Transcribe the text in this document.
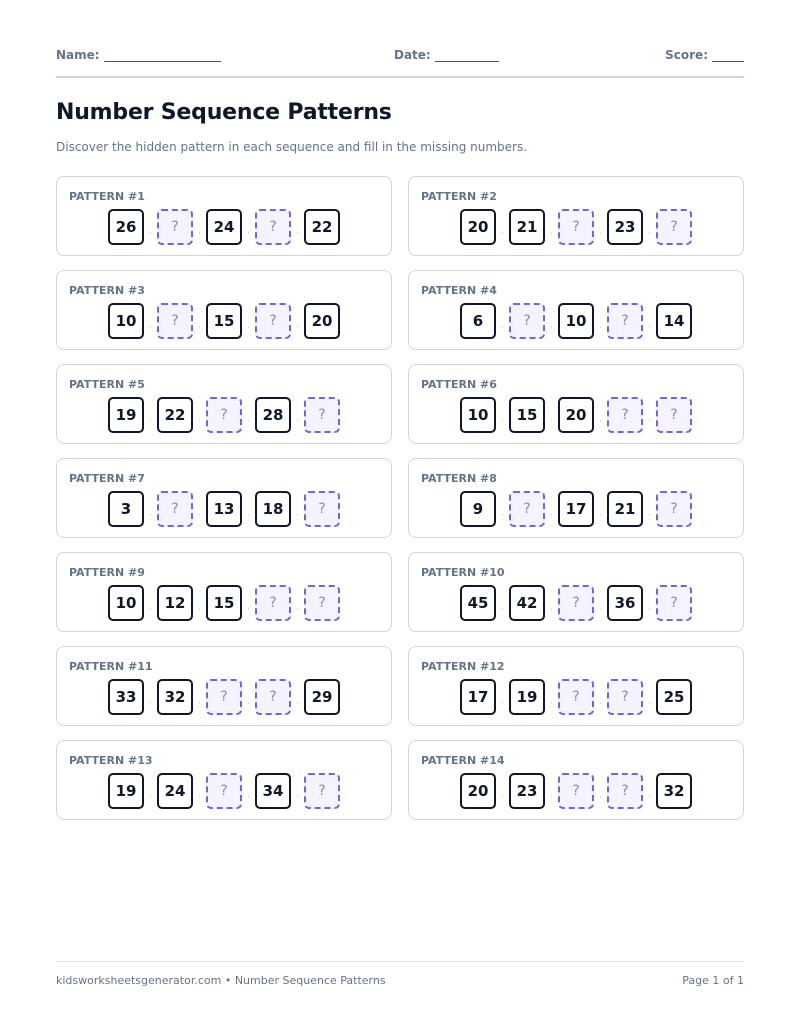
Name:	Date:	Score:
Number Sequence Patterns
Discover the hidden pattern in each sequence and fill in the missing numbers.
PATTERN #1
26	,	?	, 24	,	?	, 22
PATTERN #2
20	, 21	,	?	, 23	,	?
PATTERN #3
10	,	?	, 15	,	?	, 20
PATTERN #4
6	,	?	, 10	,	?	, 14
PATTERN #5
19	, 22	,	?	, 28	,	?
PATTERN #6
10	, 15	, 20	,	?	,	?
PATTERN #7
3	,	?	, 13	, 18	,	?
PATTERN #8
9	,	?	, 17	, 21	,	?
PATTERN #9
10	, 12	, 15	,	?	,	?
PATTERN #10
45	, 42	,	?	, 36	,	?
PATTERN #11
33	, 32	,	?	,	?	, 29
PATTERN #12
17	, 19	,	?	,	?	, 25
PATTERN #13
19	, 24	,	?	, 34	,	?
PATTERN #14
20	, 23	,	?	,	?	, 32
kidsworksheetsgenerator.com • Number Sequence Patterns	Page 1 of 1
